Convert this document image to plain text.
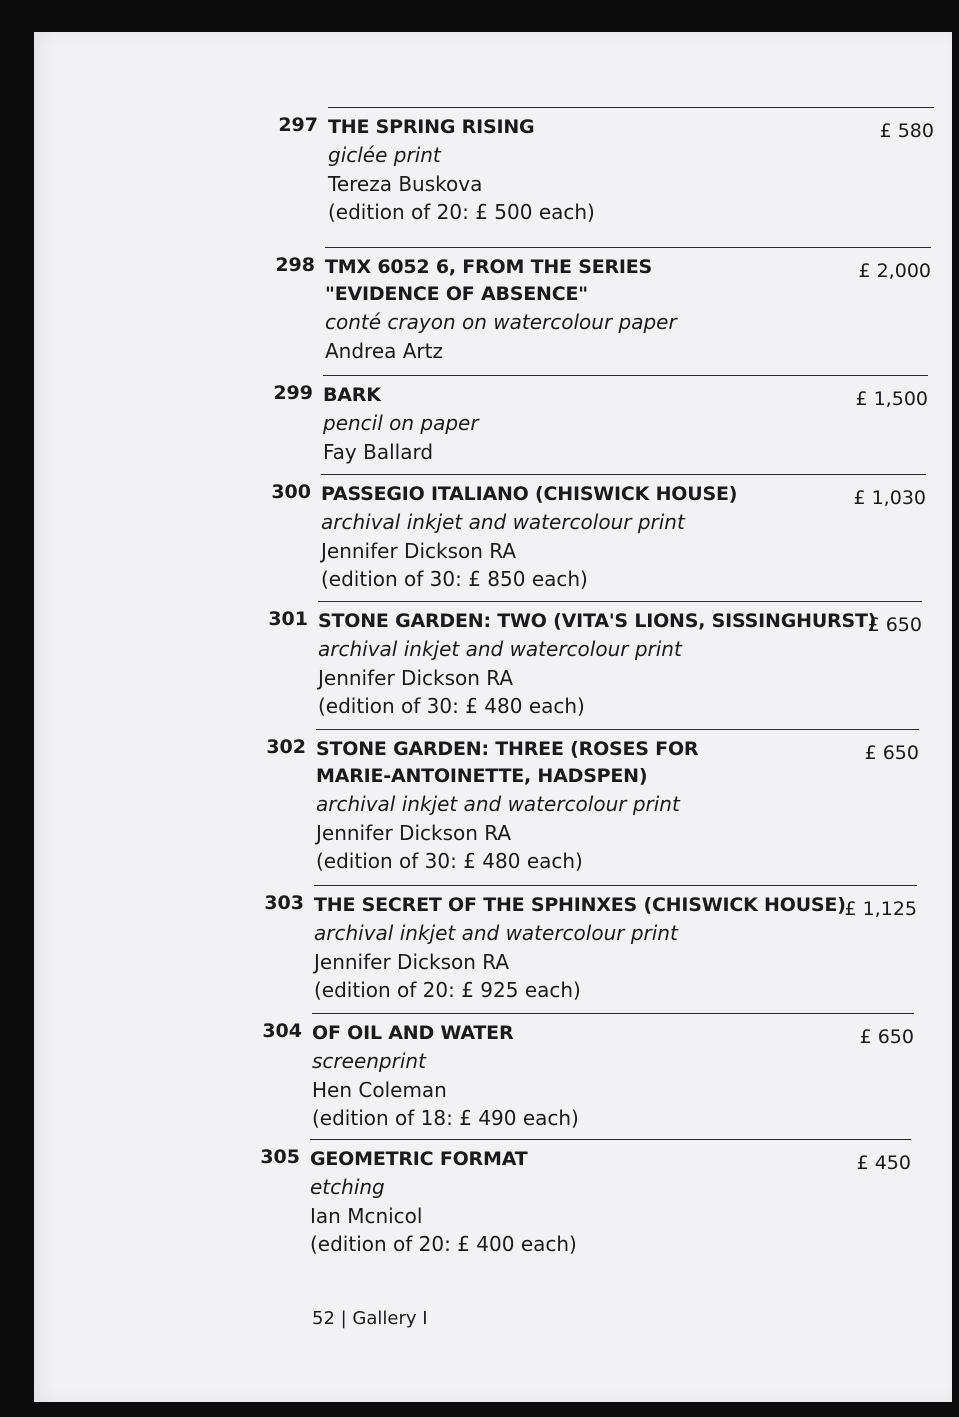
297 THE SPRING RISING
giclée print
Tereza Buskova
(edition of 20: £ 500 each)
£ 580
298 TMX 6052 6, FROM THE SERIES
"EVIDENCE OF ABSENCE"
conté crayon on watercolour paper
Andrea Artz
£ 2,000
299 BARK
pencil on paper
Fay Ballard
£ 1,500
300 PASSEGIO ITALIANO (CHISWICK HOUSE)
archival inkjet and watercolour print
Jennifer Dickson RA
(edition of 30: £ 850 each)
£ 1,030
301 STONE GARDEN: TWO (VITA'S LIONS, SISSINGHURST)
archival inkjet and watercolour print
Jennifer Dickson RA
(edition of 30: £ 480 each)
£ 650
302 STONE GARDEN: THREE (ROSES FOR
MARIE-ANTOINETTE, HADSPEN)
archival inkjet and watercolour print
Jennifer Dickson RA
(edition of 30: £ 480 each)
£ 650
303 THE SECRET OF THE SPHINXES (CHISWICK HOUSE)
archival inkjet and watercolour print
Jennifer Dickson RA
(edition of 20: £ 925 each)
£ 1,125
304 OF OIL AND WATER
screenprint
Hen Coleman
(edition of 18: £ 490 each)
£ 650
305 GEOMETRIC FORMAT
etching
Ian Mcnicol
(edition of 20: £ 400 each)
£ 450
52 | Gallery I
